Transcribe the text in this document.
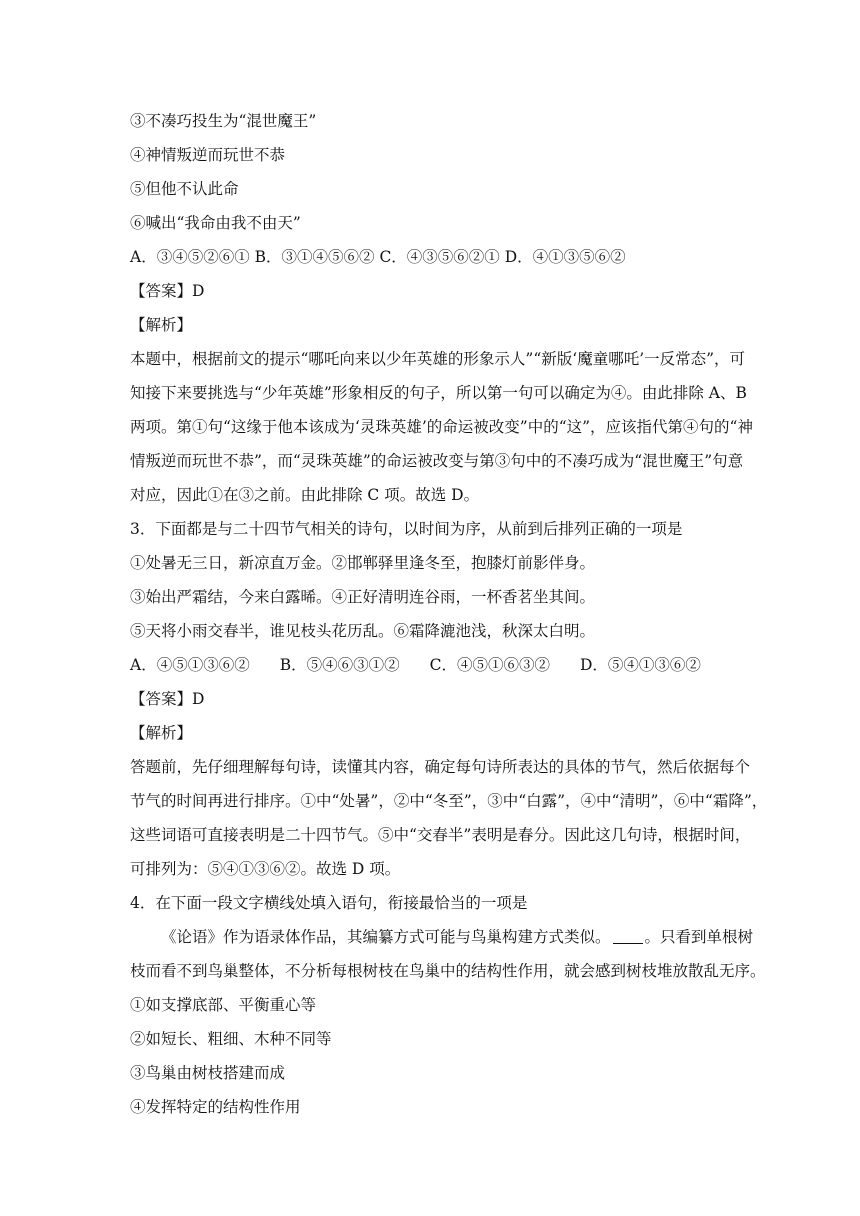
③不凑巧投生为“混世魔王”
④神情叛逆而玩世不恭
⑤但他不认此命
⑥喊出“我命由我不由天”
A．③④⑤②⑥① B．③①④⑤⑥② C．④③⑤⑥②① D．④①③⑤⑥②
【答案】D
【解析】
本题中，根据前文的提示“哪吒向来以少年英雄的形象示人”“新版‘魔童哪吒’一反常态”，可
知接下来要挑选与“少年英雄”形象相反的句子，所以第一句可以确定为④。由此排除 A、B
两项。第①句“这缘于他本该成为‘灵珠英雄’的命运被改变”中的“这”，应该指代第④句的“神
情叛逆而玩世不恭”，而“灵珠英雄”的命运被改变与第③句中的不凑巧成为“混世魔王”句意
对应，因此①在③之前。由此排除 C 项。故选 D。
3．下面都是与二十四节气相关的诗句，以时间为序，从前到后排列正确的一项是
①处暑无三日，新凉直万金。②邯郸驿里逢冬至，抱膝灯前影伴身。
③始出严霜结，今来白露晞。④正好清明连谷雨，一杯香茗坐其间。
⑤天将小雨交春半，谁见枝头花历乱。⑥霜降漉池浅，秋深太白明。
A．④⑤①③⑥② B．⑤④⑥③①② C．④⑤①⑥③② D．⑤④①③⑥②
【答案】D
【解析】
答题前，先仔细理解每句诗，读懂其内容，确定每句诗所表达的具体的节气，然后依据每个
节气的时间再进行排序。①中“处暑”，②中“冬至”，③中“白露”，④中“清明”，⑥中“霜降”，
这些词语可直接表明是二十四节气。⑤中“交春半”表明是春分。因此这几句诗，根据时间，
可排列为：⑤④①③⑥②。故选 D 项。
4．在下面一段文字横线处填入语句，衔接最恰当的一项是
《论语》作为语录体作品，其编纂方式可能与鸟巢构建方式类似。 。只看到单根树
枝而看不到鸟巢整体，不分析每根树枝在鸟巢中的结构性作用，就会感到树枝堆放散乱无序。
①如支撑底部、平衡重心等
②如短长、粗细、木种不同等
③鸟巢由树枝搭建而成
④发挥特定的结构性作用
